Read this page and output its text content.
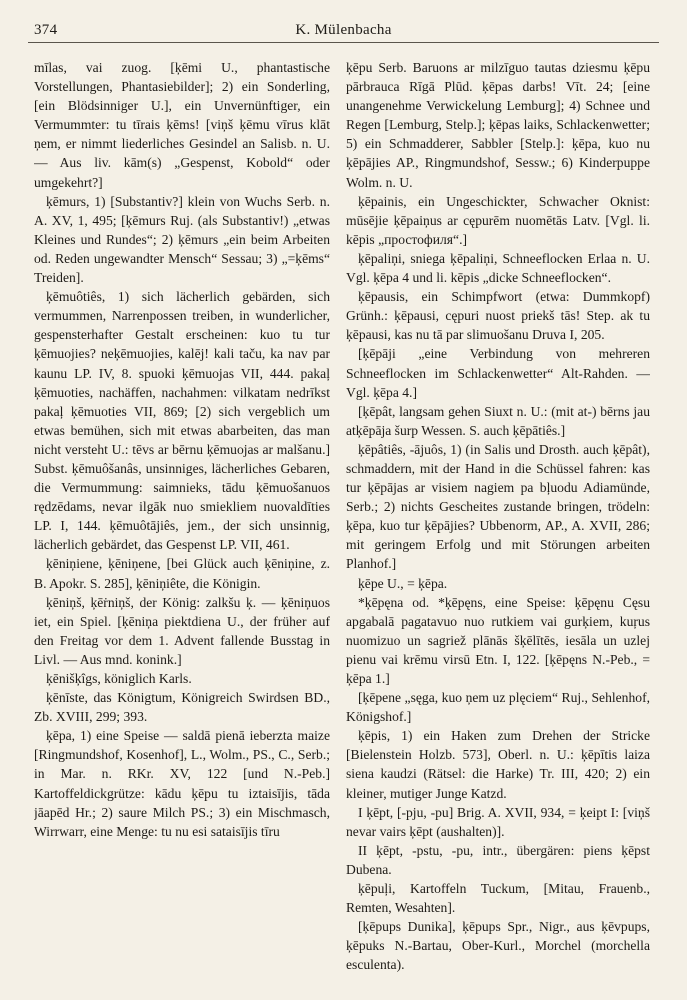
374	K. Mülenbacha

mīlas, vai zuog. [ķēmi U., phantastische Vorstellungen, Phantasiebilder]; 2) ein Sonderling, [ein Blödsinniger U.], ein Unvernünftiger, ein Vermummter: tu tīrais ķēms! [viņš ķēmu vīrus klāt ņem, er nimmt liederliches Gesindel an Salisb. n. U. — Aus liv. kām(s) „Gespenst, Kobold“ oder umgekehrt?]

ķēmurs, 1) [Substantiv?] klein von Wuchs Serb. n. A. XV, 1, 495; [ķēmurs Ruj. (als Substantiv!) „etwas Kleines und Rundes“; 2) ķēmurs „ein beim Arbeiten od. Reden ungewandter Mensch“ Sessau; 3) „=ķēms“ Treiden].

ķēmuôtiês, 1) sich lächerlich gebärden, sich vermummen, Narrenpossen treiben, in wunderlicher, gespensterhafter Gestalt erscheinen: kuo tu tur ķēmuojies? neķēmuojies, kalēj! kali taču, ka nav par kaunu LP. IV, 8. spuoki ķēmuojas VII, 444. pakaļ ķēmuoties, nachäffen, nachahmen: vilkatam nedrīkst pakaļ ķēmuoties VII, 869; [2) sich vergeblich um etwas bemühen, sich mit etwas abarbeiten, das man nicht versteht U.: tēvs ar bērnu ķēmuojas ar malšanu.] Subst. ķēmuôšanâs, unsinniges, lächerliches Gebaren, die Vermummung: saimnieks, tādu ķēmuošanuos rędzēdams, nevar ilgāk nuo smiekliem nuovaldīties LP. I, 144. ķēmuôtājiês, jem., der sich unsinnig, lächerlich gebärdet, das Gespenst LP. VII, 461.

ķēniņiene, ķēniņene, [bei Glück auch ķēniņine, z. B. Apokr. S. 285], ķēniņiête, die Königin.

ķēniņš, ķēṙniņš, der König: zalkšu ķ. — ķēniņuos iet, ein Spiel. [ķēniņa piektdiena U., der früher auf den Freitag vor dem 1. Advent fallende Busstag in Livl. — Aus mnd. konink.]

ķēnišķîgs, königlich Karls.

ķēnīste, das Königtum, Königreich Swirdsen BD., Zb. XVIII, 299; 393.

ķēpa, 1) eine Speise — saldā pienā ieberzta maize [Ringmundshof, Kosenhof], L., Wolm., PS., C., Serb.; in Mar. n. RKr. XV, 122 [und N.-Peb.] Kartoffeldickgrütze: kādu ķēpu tu iztaisījis, tāda jāapēd Hr.; 2) saure Milch PS.; 3) ein Mischmasch, Wirrwarr, eine Menge: tu nu esi sataisījis tīru

ķēpu Serb. Baruons ar milzīguo tautas dziesmu ķēpu pārbrauca Rīgā Plūd. ķēpas darbs! Vīt. 24; [eine unangenehme Verwickelung Lemburg]; 4) Schnee und Regen [Lemburg, Stelp.]; ķēpas laiks, Schlackenwetter; 5) ein Schmadderer, Sabbler [Stelp.]: ķēpa, kuo nu ķēpājies AP., Ringmundshof, Sessw.; 6) Kinderpuppe Wolm. n. U.

ķēpainis, ein Ungeschickter, Schwacher Oknist: mūsējie ķēpaiņus ar cępurēm nuomētās Latv. [Vgl. li. kēpis „простофиля“.]

ķēpaliņi, sniega ķēpaliņi, Schneeflocken Erlaa n. U. Vgl. ķēpa 4 und li. kēpis „dicke Schneeflocken“.

ķēpausis, ein Schimpfwort (etwa: Dummkopf) Grünh.: ķēpausi, cępuri nuost priekš tās! Step. ak tu ķēpausi, kas nu tā par slimuošanu Druva I, 205.

[ķēpāji „eine Verbindung von mehreren Schneeflocken im Schlackenwetter“ Alt-Rahden. — Vgl. ķēpa 4.]

[ķēpât, langsam gehen Siuxt n. U.: (mit at-) bērns jau atķēpāja šurp Wessen. S. auch ķēpātiês.]

ķēpâtiês, -ājuôs, 1) (in Salis und Drosth. auch ķēpât), schmaddern, mit der Hand in die Schüssel fahren: kas tur ķēpājas ar visiem nagiem pa bļuodu Adiamünde, Serb.; 2) nichts Gescheites zustande bringen, trödeln: ķēpa, kuo tur ķēpājies? Ubbenorm, AP., A. XVII, 286; mit geringem Erfolg und mit Störungen arbeiten Planhof.]

ķēpe U., = ķēpa.

*ķēpęna od. *ķēpęns, eine Speise: ķēpęnu Cęsu apgabalā pagatavuo nuo rutkiem vai gurķiem, kuŗus nuomizuo un sagriež plānās šķēlītēs, iesāla un uzlej pienu vai krēmu virsū Etn. I, 122. [ķēpęns N.-Peb., = ķēpa 1.]

[ķēpene „sęga, kuo ņem uz plęciem“ Ruj., Sehlenhof, Königshof.]

ķēpis, 1) ein Haken zum Drehen der Stricke [Bielenstein Holzb. 573], Oberl. n. U.: ķēpītis laiza siena kaudzi (Rätsel: die Harke) Tr. III, 420; 2) ein kleiner, mutiger Junge Katzd.

I ķēpt, [-pju, -pu] Brig. A. XVII, 934, = ķeipt I: [viņš nevar vairs ķēpt (aushalten)].

II ķēpt, -pstu, -pu, intr., übergären: piens ķēpst Dubena.

ķēpuļi, Kartoffeln Tuckum, [Mitau, Frauenb., Remten, Wesahten].

[ķēpups Dunika], ķēpups Spr., Nigr., aus ķēvpups, ķēpuks N.-Bartau, Ober-Kurl., Morchel (morchella esculenta).
